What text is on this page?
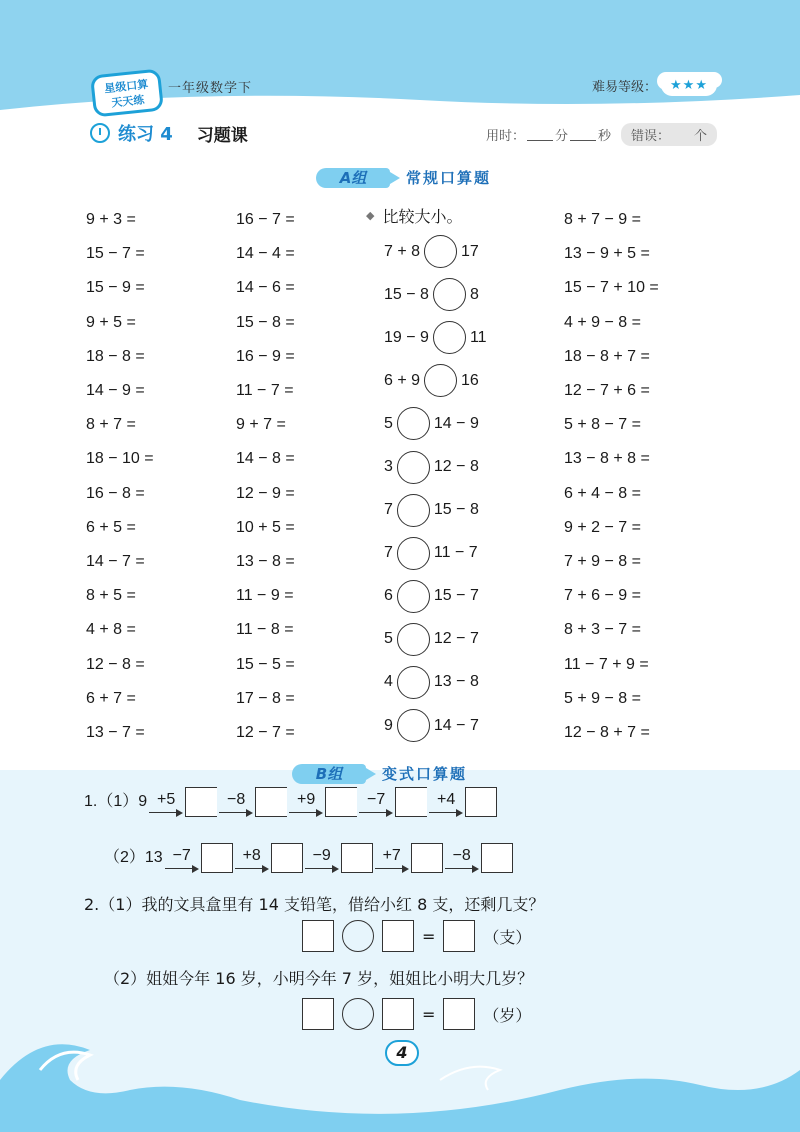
星级口算
天天练
一年级数学下	难易等级：	★★★
练习 4 习题课	用时： 分 秒 错误： 个
A组	常规口算题
9 + 3 =
15 − 7 =
15 − 9 =
9 + 5 =
18 − 8 =
14 − 9 =
8 + 7 =
18 − 10 =
16 − 8 =
6 + 5 =
14 − 7 =
8 + 5 =
4 + 8 =
12 − 8 =
6 + 7 =
13 − 7 =
16 − 7 =
14 − 4 =
14 − 6 =
15 − 8 =
16 − 9 =
11 − 7 =
9 + 7 =
14 − 8 =
12 − 9 =
10 + 5 =
13 − 8 =
11 − 9 =
11 − 8 =
15 − 5 =
17 − 8 =
12 − 7 =
◆ 比较大小。
7 + 8	17
15 − 8	8
19 − 9	11
6 + 9	16
5	14 − 9
3	12 − 8
7	15 − 8
7	11 − 7
6	15 − 7
5	12 − 7
4	13 − 8
9	14 − 7
8 + 7 − 9 =
13 − 9 + 5 =
15 − 7 + 10 =
4 + 9 − 8 =
18 − 8 + 7 =
12 − 7 + 6 =
5 + 8 − 7 =
13 − 8 + 8 =
6 + 4 − 8 =
9 + 2 − 7 =
7 + 9 − 8 =
7 + 6 − 9 =
8 + 3 − 7 =
11 − 7 + 9 =
5 + 9 − 8 =
12 − 8 + 7 =
B组	变式口算题
1.（1）9 +5	−8	+9	−7	+4
（2）13 −7	+8	−9	+7	−8
2.（1）我的文具盒里有 14 支铅笔，借给小红 8 支，还剩几支？
=	（支）
（2）姐姐今年 16 岁，小明今年 7 岁，姐姐比小明大几岁？
=	（岁）
4
